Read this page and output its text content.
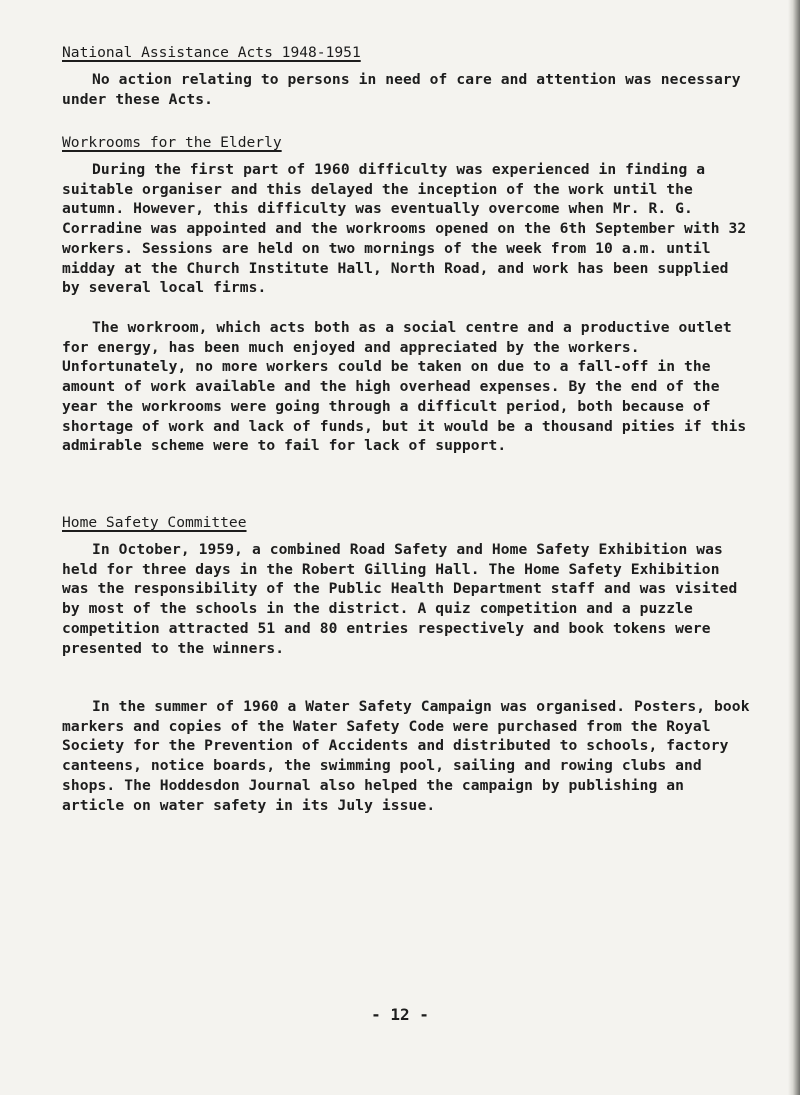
National Assistance Acts 1948-1951
No action relating to persons in need of care and attention was necessary under these Acts.
Workrooms for the Elderly
During the first part of 1960 difficulty was experienced in finding a suitable organiser and this delayed the inception of the work until the autumn. However, this difficulty was eventually overcome when Mr. R. G. Corradine was appointed and the workrooms opened on the 6th September with 32 workers. Sessions are held on two mornings of the week from 10 a.m. until midday at the Church Institute Hall, North Road, and work has been supplied by several local firms.
The workroom, which acts both as a social centre and a productive outlet for energy, has been much enjoyed and appreciated by the workers. Unfortunately, no more workers could be taken on due to a fall-off in the amount of work available and the high overhead expenses. By the end of the year the workrooms were going through a difficult period, both because of shortage of work and lack of funds, but it would be a thousand pities if this admirable scheme were to fail for lack of support.
Home Safety Committee
In October, 1959, a combined Road Safety and Home Safety Exhibition was held for three days in the Robert Gilling Hall. The Home Safety Exhibition was the responsibility of the Public Health Department staff and was visited by most of the schools in the district. A quiz competition and a puzzle competition attracted 51 and 80 entries respectively and book tokens were presented to the winners.
In the summer of 1960 a Water Safety Campaign was organised. Posters, book markers and copies of the Water Safety Code were purchased from the Royal Society for the Prevention of Accidents and distributed to schools, factory canteens, notice boards, the swimming pool, sailing and rowing clubs and shops. The Hoddesdon Journal also helped the campaign by publishing an article on water safety in its July issue.
- 12 -
